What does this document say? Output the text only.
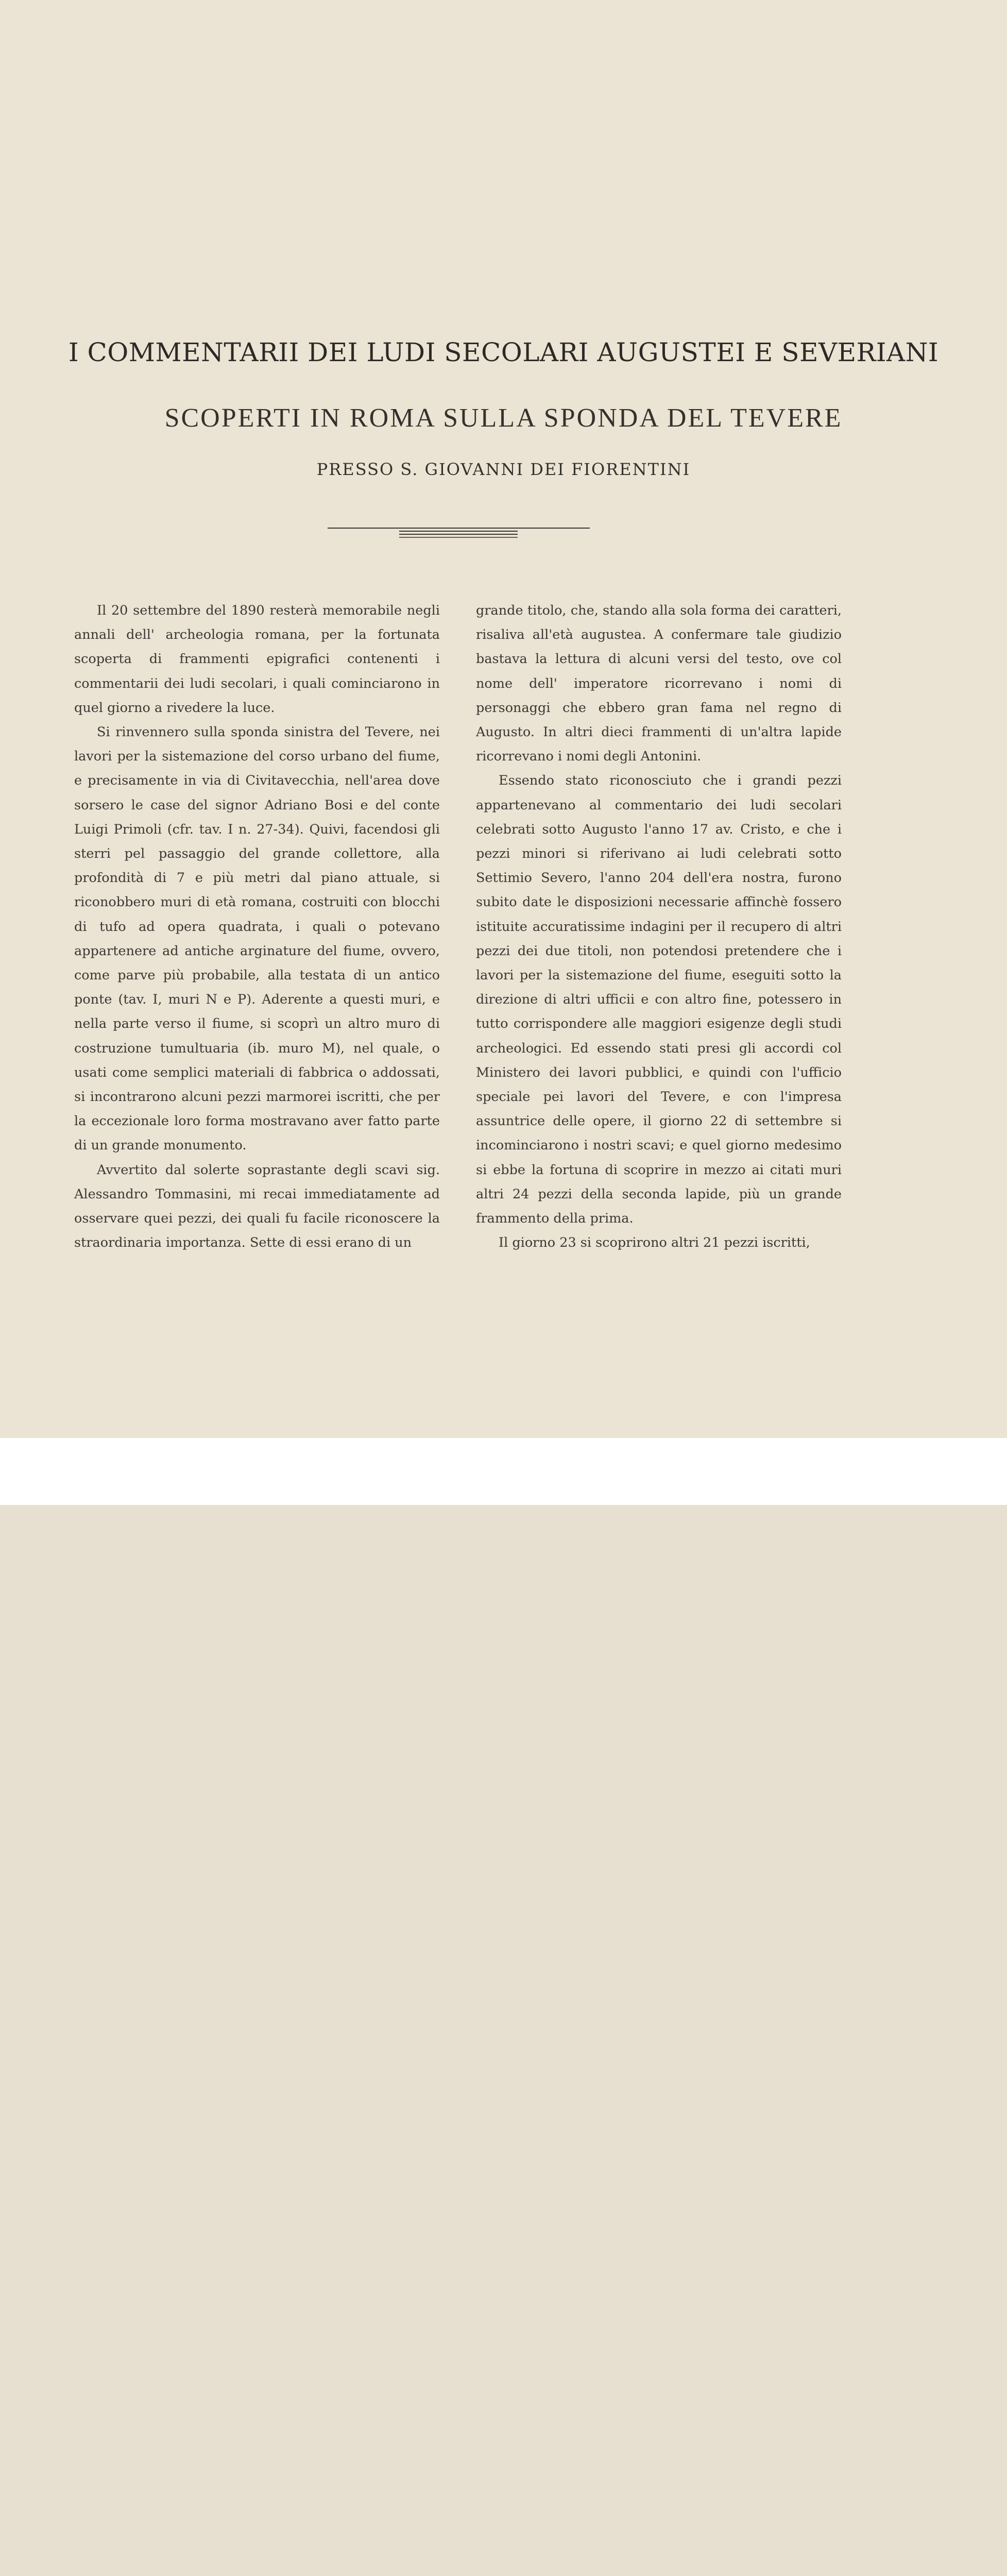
I COMMENTARII DEI LUDI SECOLARI AUGUSTEI E SEVERIANI
SCOPERTI IN ROMA SULLA SPONDA DEL TEVERE
PRESSO S. GIOVANNI DEI FIORENTINI

Il 20 settembre del 1890 resterà memorabile negli annali dell' archeologia romana, per la fortunata scoperta di frammenti epigrafici contenenti i commentarii dei ludi secolari, i quali cominciarono in quel giorno a rivedere la luce.

Si rinvennero sulla sponda sinistra del Tevere, nei lavori per la sistemazione del corso urbano del fiume, e precisamente in via di Civitavecchia, nell'area dove sorsero le case del signor Adriano Bosi e del conte Luigi Primoli (cfr. tav. I n. 27-34). Quivi, facendosi gli sterri pel passaggio del grande collettore, alla profondità di 7 e più metri dal piano attuale, si riconobbero muri di età romana, costruiti con blocchi di tufo ad opera quadrata, i quali o potevano appartenere ad antiche arginature del fiume, ovvero, come parve più probabile, alla testata di un antico ponte (tav. I, muri N e P). Aderente a questi muri, e nella parte verso il fiume, si scoprì un altro muro di costruzione tumultuaria (ib. muro M), nel quale, o usati come semplici materiali di fabbrica o addossati, si incontrarono alcuni pezzi marmorei iscritti, che per la eccezionale loro forma mostravano aver fatto parte di un grande monumento.

Avvertito dal solerte soprastante degli scavi sig. Alessandro Tommasini, mi recai immediatamente ad osservare quei pezzi, dei quali fu facile riconoscere la straordinaria importanza. Sette di essi erano di un

grande titolo, che, stando alla sola forma dei caratteri, risaliva all'età augustea. A confermare tale giudizio bastava la lettura di alcuni versi del testo, ove col nome dell' imperatore ricorrevano i nomi di personaggi che ebbero gran fama nel regno di Augusto. In altri dieci frammenti di un'altra lapide ricorrevano i nomi degli Antonini.

Essendo stato riconosciuto che i grandi pezzi appartenevano al commentario dei ludi secolari celebrati sotto Augusto l'anno 17 av. Cristo, e che i pezzi minori si riferivano ai ludi celebrati sotto Settimio Severo, l'anno 204 dell'era nostra, furono subito date le disposizioni necessarie affinchè fossero istituite accuratissime indagini per il recupero di altri pezzi dei due titoli, non potendosi pretendere che i lavori per la sistemazione del fiume, eseguiti sotto la direzione di altri ufficii e con altro fine, potessero in tutto corrispondere alle maggiori esigenze degli studi archeologici. Ed essendo stati presi gli accordi col Ministero dei lavori pubblici, e quindi con l'ufficio speciale pei lavori del Tevere, e con l'impresa assuntrice delle opere, il giorno 22 di settembre si incominciarono i nostri scavi; e quel giorno medesimo si ebbe la fortuna di scoprire in mezzo ai citati muri altri 24 pezzi della seconda lapide, più un grande frammento della prima.

Il giorno 23 si scoprirono altri 21 pezzi iscritti,
